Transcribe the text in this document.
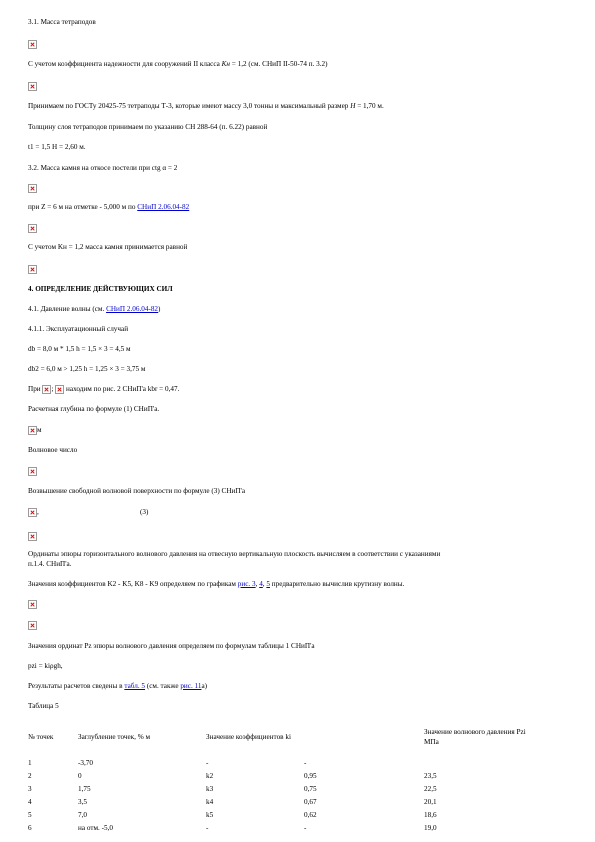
3.1. Масса тетраподов
С учетом коэффициента надежности для сооружений II класса Kн = 1,2 (см. СНиП II-50-74 п. 3.2)
Принимаем по ГОСТу 20425-75 тетраподы Т-3, которые имеют массу 3,0 тонны и максимальный размер H = 1,70 м.
Толщину слоя тетраподов принимаем по указанию СН 288-64 (п. 6.22) равной
t1 = 1,5 H = 2,60 м.
3.2. Масса камня на откосе постели при ctg α = 2
при Z = 6 м на отметке - 5,000 м по СНиП 2.06.04-82
С учетом Kн = 1,2 масса камня принимается равной
4. ОПРЕДЕЛЕНИЕ ДЕЙСТВУЮЩИХ СИЛ
4.1. Давление волны (см. СНиП 2.06.04-82)
4.1.1. Эксплуатационный случай
db = 8,0 м * 1,5 h = 1,5 × 3 = 4,5 м
db2 = 6,0 м > 1,25 h = 1,25 × 3 = 3,75 м
При ;  находим по рис. 2 СНиП'a kbr = 0,47.
Расчетная глубина по формуле (1) СНиП'a.
м
Волновое число
Возвышение свободной волновой поверхности по формуле (3) СНиП'a
,	(3)
Ординаты эпюры горизонтального волнового давления на отвесную вертикальную плоскость вычисляем в соответствии с указаниями
п.1.4. СНиП'a.
Значения коэффициентов K2 - K5, K8 - K9 определяем по графикам рис. 3, 4, 5 предварительно вычислив крутизну волны.
Значения ординат Pz эпюры волнового давления определяем по формулам таблицы 1 СНиП'a
pzi = kiρgh,
Результаты расчетов сведены в табл. 5 (см. также рис. 11а)
Таблица 5
№ точек	Заглубление точек, % м	Значение коэффициентов ki
Значение волнового давления Pzi
МПа
1	-3,70	-	-
2	0	k2	0,95	23,5
3	1,75	k3	0,75	22,5
4	3,5	k4	0,67	20,1
5	7,0	k5	0,62	18,6
6	на отм. -5,0	-	-	19,0
